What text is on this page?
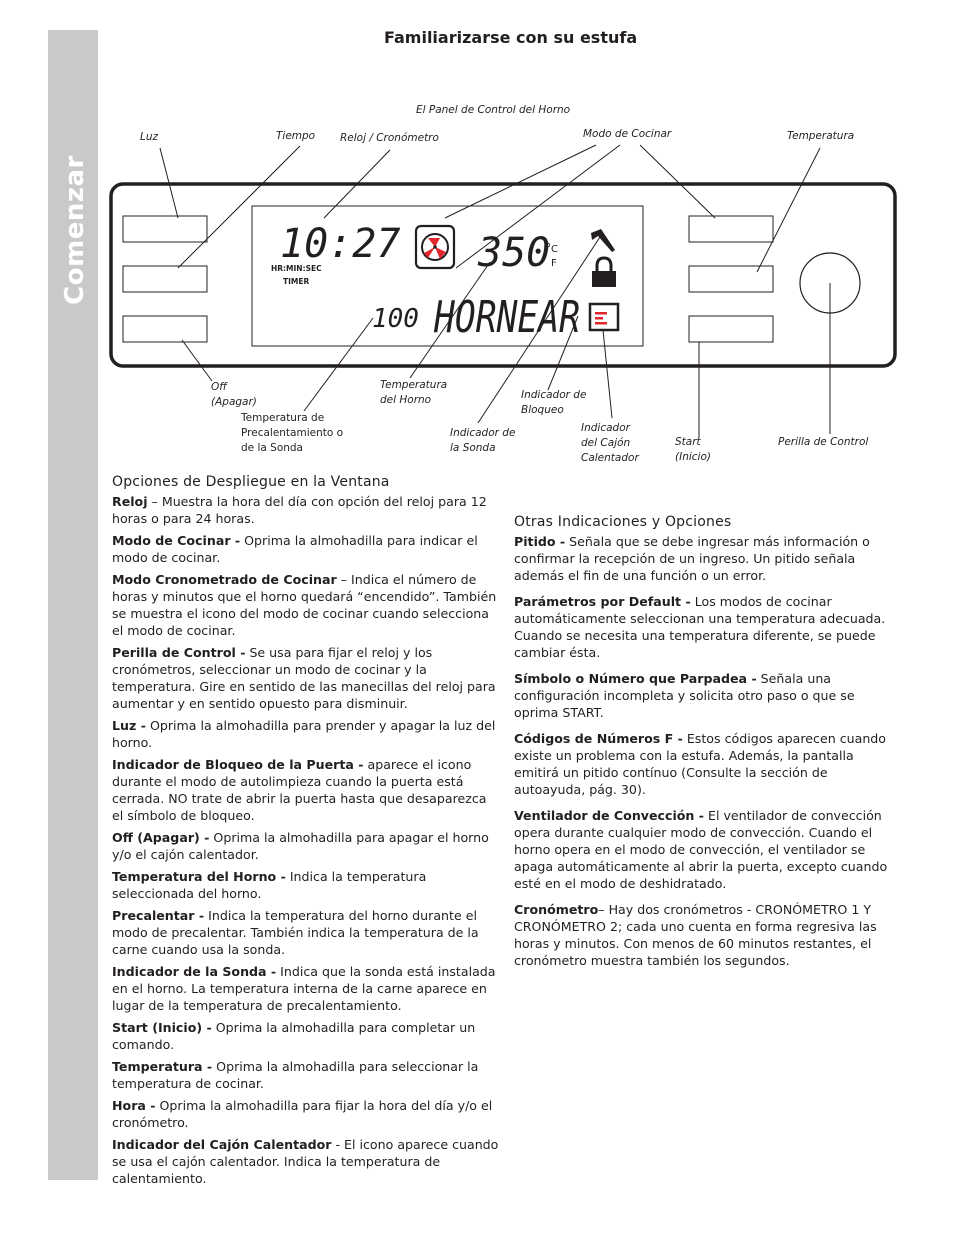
Comenzar
Familiarizarse con su estufa
10:27
HR:MIN:SEC
TIMER
350 C
F
100 HORNEAR
El Panel de Control del Horno
Luz	Tiempo Reloj / Cronómetro	Modo de Cocinar	Temperatura
Off
(Apagar)
Temperatura de
Precalentamiento o
de la Sonda
Temperatura
del Horno	Indicador de
Bloqueo
Indicador de
la Sonda
Indicador
del Cajón
Calentador
Start
(Inicio)
Perilla de Control
Opciones de Despliegue en la Ventana
Reloj – Muestra la hora del día con opción del reloj para 12 horas o para 24 horas.
Modo de Cocinar - Oprima la almohadilla para indicar el modo de cocinar.
Modo Cronometrado de Cocinar – Indica el número de horas y minutos que el horno quedará “encendido”. También se muestra el icono del modo de cocinar cuando selecciona el modo de cocinar.
Perilla de Control - Se usa para fijar el reloj y los cronómetros, seleccionar un modo de cocinar y la temperatura. Gire en sentido de las manecillas del reloj para aumentar y en sentido opuesto para disminuir.
Luz - Oprima la almohadilla para prender y apagar la luz del horno.
Indicador de Bloqueo de la Puerta - aparece el icono durante el modo de autolimpieza cuando la puerta está cerrada. NO trate de abrir la puerta hasta que desaparezca el símbolo de bloqueo.
Off (Apagar) - Oprima la almohadilla para apagar el horno y/o el cajón calentador.
Temperatura del Horno - Indica la temperatura seleccionada del horno.
Precalentar - Indica la temperatura del horno durante el modo de precalentar. También indica la temperatura de la carne cuando usa la sonda.
Indicador de la Sonda - Indica que la sonda está instalada en el horno. La temperatura interna de la carne aparece en lugar de la temperatura de precalentamiento.
Start (Inicio) - Oprima la almohadilla para completar un comando.
Temperatura - Oprima la almohadilla para seleccionar la temperatura de cocinar.
Hora - Oprima la almohadilla para fijar la hora del día y/o el cronómetro.
Indicador del Cajón Calentador - El icono aparece cuando se usa el cajón calentador. Indica la temperatura de calentamiento.
Otras Indicaciones y Opciones
Pitido - Señala que se debe ingresar más información o confirmar la recepción de un ingreso. Un pitido señala además el fin de una función o un error.
Parámetros por Default - Los modos de cocinar automáticamente seleccionan una temperatura adecuada. Cuando se necesita una temperatura diferente, se puede cambiar ésta.
Símbolo o Número que Parpadea - Señala una configuración incompleta y solicita otro paso o que se oprima START.
Códigos de Números F - Estos códigos aparecen cuando existe un problema con la estufa. Además, la pantalla emitirá un pitido contínuo (Consulte la sección de autoayuda, pág. 30).
Ventilador de Convección - El ventilador de convección opera durante cualquier modo de convección. Cuando el horno opera en el modo de convección, el ventilador se apaga automáticamente al abrir la puerta, excepto cuando esté en el modo de deshidratado.
Cronómetro– Hay dos cronómetros - CRONÓMETRO 1 Y CRONÓMETRO 2; cada uno cuenta en forma regresiva las horas y minutos. Con menos de 60 minutos restantes, el cronómetro muestra también los segundos.
